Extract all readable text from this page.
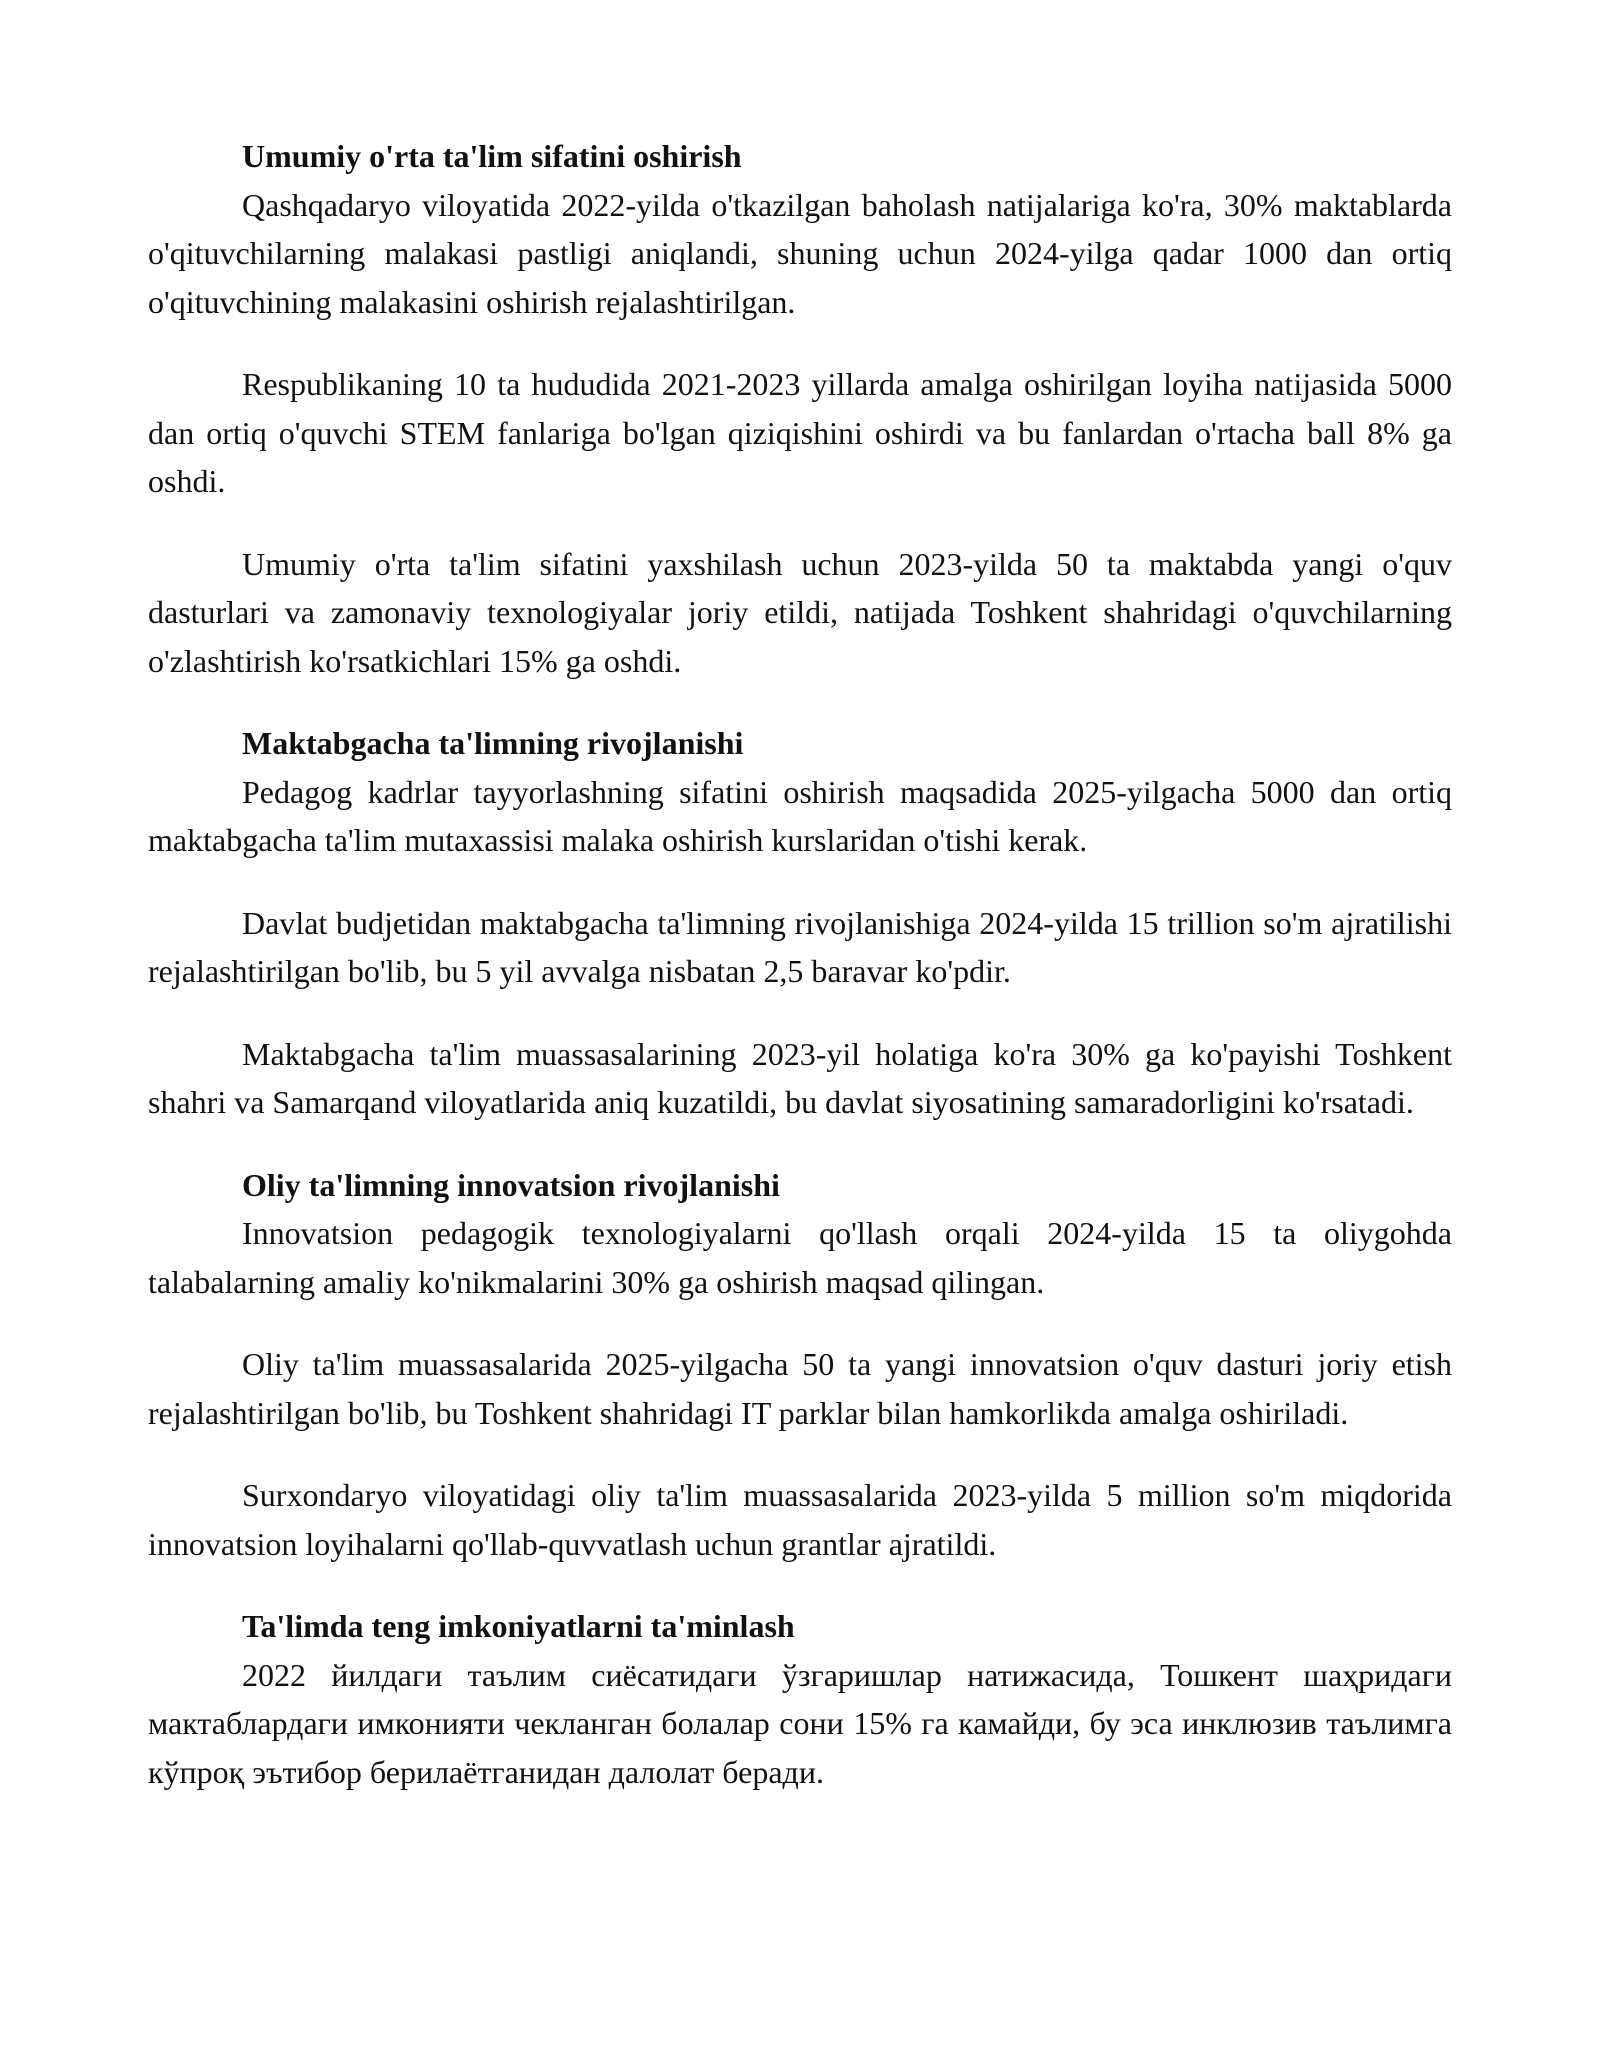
Umumiy o'rta ta'lim sifatini oshirish

Qashqadaryo viloyatida 2022-yilda o'tkazilgan baholash natijalariga ko'ra, 30% maktablarda o'qituvchilarning malakasi pastligi aniqlandi, shuning uchun 2024-yilga qadar 1000 dan ortiq o'qituvchining malakasini oshirish rejalashtirilgan.

Respublikaning 10 ta hududida 2021-2023 yillarda amalga oshirilgan loyiha natijasida 5000 dan ortiq o'quvchi STEM fanlariga bo'lgan qiziqishini oshirdi va bu fanlardan o'rtacha ball 8% ga oshdi.

Umumiy o'rta ta'lim sifatini yaxshilash uchun 2023-yilda 50 ta maktabda yangi o'quv dasturlari va zamonaviy texnologiyalar joriy etildi, natijada Toshkent shahridagi o'quvchilarning o'zlashtirish ko'rsatkichlari 15% ga oshdi.

Maktabgacha ta'limning rivojlanishi

Pedagog kadrlar tayyorlashning sifatini oshirish maqsadida 2025-yilgacha 5000 dan ortiq maktabgacha ta'lim mutaxassisi malaka oshirish kurslaridan o'tishi kerak.

Davlat budjetidan maktabgacha ta'limning rivojlanishiga 2024-yilda 15 trillion so'm ajratilishi rejalashtirilgan bo'lib, bu 5 yil avvalga nisbatan 2,5 baravar ko'pdir.

Maktabgacha ta'lim muassasalarining 2023-yil holatiga ko'ra 30% ga ko'payishi Toshkent shahri va Samarqand viloyatlarida aniq kuzatildi, bu davlat siyosatining samaradorligini ko'rsatadi.

Oliy ta'limning innovatsion rivojlanishi

Innovatsion pedagogik texnologiyalarni qo'llash orqali 2024-yilda 15 ta oliygohda talabalarning amaliy ko'nikmalarini 30% ga oshirish maqsad qilingan.

Oliy ta'lim muassasalarida 2025-yilgacha 50 ta yangi innovatsion o'quv dasturi joriy etish rejalashtirilgan bo'lib, bu Toshkent shahridagi IT parklar bilan hamkorlikda amalga oshiriladi.

Surxondaryo viloyatidagi oliy ta'lim muassasalarida 2023-yilda 5 million so'm miqdorida innovatsion loyihalarni qo'llab-quvvatlash uchun grantlar ajratildi.

Ta'limda teng imkoniyatlarni ta'minlash

2022 йилдаги таълим сиёсатидаги ўзгаришлар натижасида, Тошкент шаҳридаги мактаблардаги имконияти чекланган болалар сони 15% га камайди, бу эса инклюзив таълимга кўпроқ эътибор берилаётганидан далолат беради.
